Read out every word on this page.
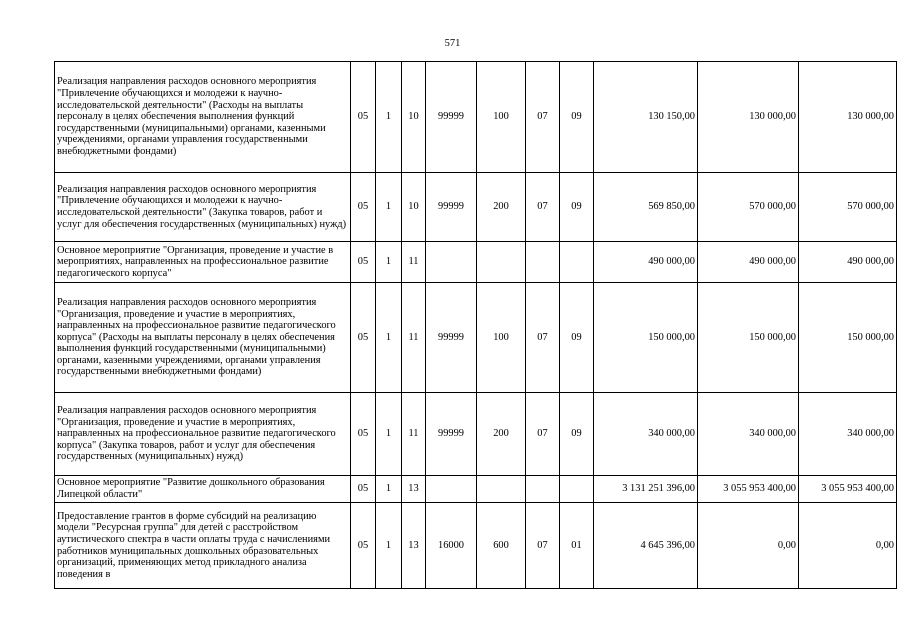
571
Реализация направления расходов основного мероприятия "Привлечение обучающихся и молодежи к научно-исследовательской деятельности" (Расходы на выплаты персоналу в целях обеспечения выполнения функций государственными (муниципальными) органами, казенными учреждениями, органами управления государственными внебюджетными фондами)	05	1	10	99999	100	07	09	130 150,00	130 000,00	130 000,00
Реализация направления расходов основного мероприятия "Привлечение обучающихся и молодежи к научно-исследовательской деятельности" (Закупка товаров, работ и услуг для обеспечения государственных (муниципальных) нужд)	05	1	10	99999	200	07	09	569 850,00	570 000,00	570 000,00
Основное мероприятие "Организация, проведение и участие в мероприятиях, направленных на профессиональное развитие педагогического корпуса"	05	1	11					490 000,00	490 000,00	490 000,00
Реализация направления расходов основного мероприятия "Организация, проведение и участие в мероприятиях, направленных на профессиональное развитие педагогического корпуса" (Расходы на выплаты персоналу в целях обеспечения выполнения функций государственными (муниципальными) органами, казенными учреждениями, органами управления государственными внебюджетными фондами)	05	1	11	99999	100	07	09	150 000,00	150 000,00	150 000,00
Реализация направления расходов основного мероприятия "Организация, проведение и участие в мероприятиях, направленных на профессиональное развитие педагогического корпуса" (Закупка товаров, работ и услуг для обеспечения государственных (муниципальных) нужд)	05	1	11	99999	200	07	09	340 000,00	340 000,00	340 000,00
Основное мероприятие "Развитие дошкольного образования Липецкой области"	05	1	13					3 131 251 396,00	3 055 953 400,00	3 055 953 400,00
Предоставление грантов в форме субсидий на реализацию модели "Ресурсная группа" для детей с расстройством аутистического спектра в части оплаты труда с начислениями работников муниципальных дошкольных образовательных организаций, применяющих метод прикладного анализа поведения в	05	1	13	16000	600	07	01	4 645 396,00	0,00	0,00
